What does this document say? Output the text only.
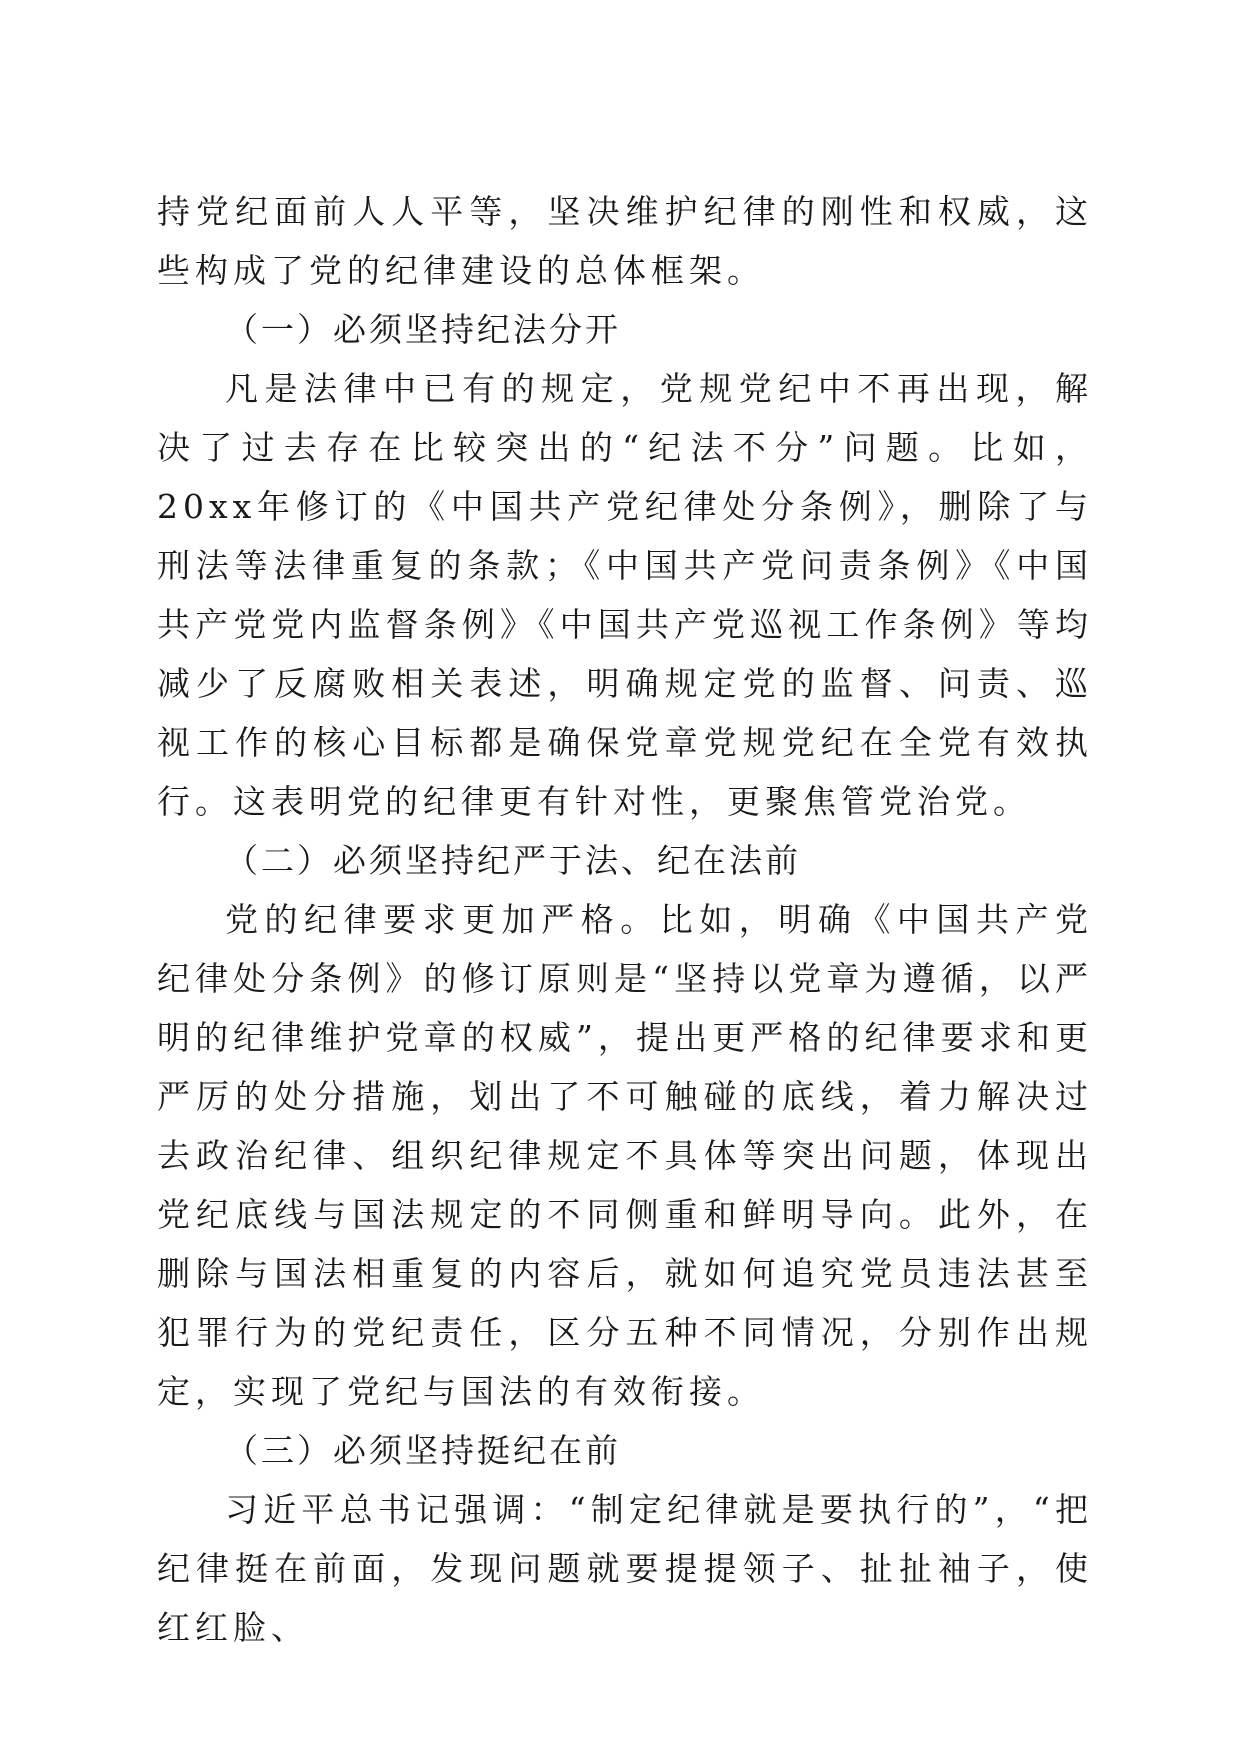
持党纪面前人人平等，坚决维护纪律的刚性和权威，这些构成了党的纪律建设的总体框架。

（一）必须坚持纪法分开

凡是法律中已有的规定，党规党纪中不再出现，解决了过去存在比较突出的“纪法不分”问题。比如，20xx年修订的《中国共产党纪律处分条例》，删除了与刑法等法律重复的条款；《中国共产党问责条例》《中国共产党党内监督条例》《中国共产党巡视工作条例》等均减少了反腐败相关表述，明确规定党的监督、问责、巡视工作的核心目标都是确保党章党规党纪在全党有效执行。这表明党的纪律更有针对性，更聚焦管党治党。

（二）必须坚持纪严于法、纪在法前

党的纪律要求更加严格。比如，明确《中国共产党纪律处分条例》的修订原则是“坚持以党章为遵循，以严明的纪律维护党章的权威”，提出更严格的纪律要求和更严厉的处分措施，划出了不可触碰的底线，着力解决过去政治纪律、组织纪律规定不具体等突出问题，体现出党纪底线与国法规定的不同侧重和鲜明导向。此外，在删除与国法相重复的内容后，就如何追究党员违法甚至犯罪行为的党纪责任，区分五种不同情况，分别作出规定，实现了党纪与国法的有效衔接。

（三）必须坚持挺纪在前

习近平总书记强调：“制定纪律就是要执行的”，“把纪律挺在前面，发现问题就要提提领子、扯扯袖子，使红红脸、
